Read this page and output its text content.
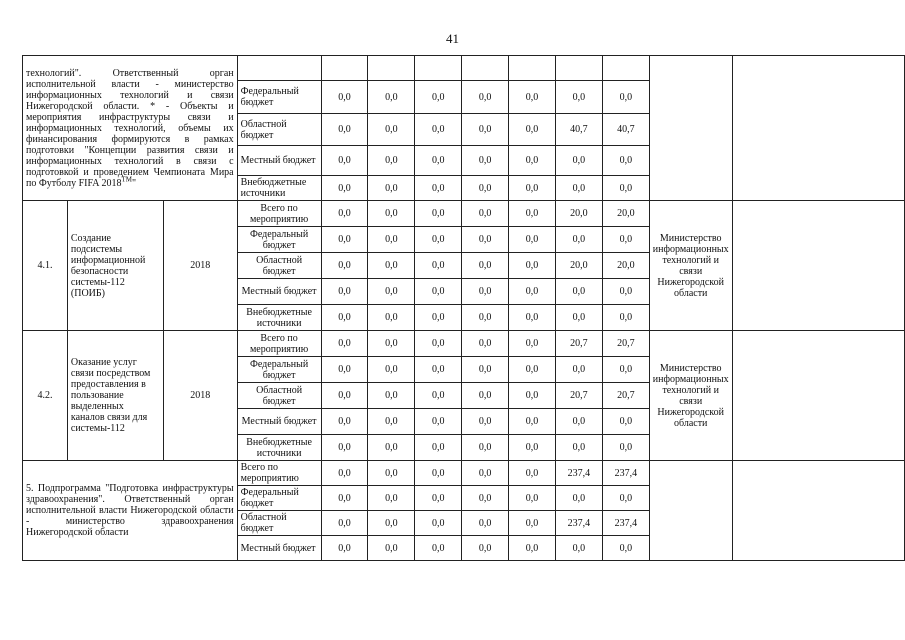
41
технологий". Ответственный орган исполнительной власти - министерство информационных технологий и связи Нижегородской области. * - Объекты и мероприятия инфраструктуры связи и информационных технологий, объемы их финансирования формируются в рамках подготовки "Концепции развития связи и информационных технологий в связи с подготовкой и проведением Чемпионата Мира по Футболу FIFA 2018™"												
			Федеральный бюджет	0,0	0,0	0,0	0,0	0,0	0,0	0,0		
			Областной бюджет	0,0	0,0	0,0	0,0	0,0	40,7	40,7		
			Местный бюджет	0,0	0,0	0,0	0,0	0,0	0,0	0,0		
			Внебюджетные источники	0,0	0,0	0,0	0,0	0,0	0,0	0,0		
4.1.	Создание подсистемы информационной безопасности системы-112 (ПОИБ)	2018	Всего по мероприятию	0,0	0,0	0,0	0,0	0,0	20,0	20,0	Министерство информационных технологий и связи Нижегородской области	
			Федеральный бюджет	0,0	0,0	0,0	0,0	0,0	0,0	0,0		
			Областной бюджет	0,0	0,0	0,0	0,0	0,0	20,0	20,0		
			Местный бюджет	0,0	0,0	0,0	0,0	0,0	0,0	0,0		
			Внебюджетные источники	0,0	0,0	0,0	0,0	0,0	0,0	0,0		
4.2.	Оказание услуг связи посредством предоставления в пользование выделенных каналов связи для системы-112	2018	Всего по мероприятию	0,0	0,0	0,0	0,0	0,0	20,7	20,7	Министерство информационных технологий и связи Нижегородской области	
			Федеральный бюджет	0,0	0,0	0,0	0,0	0,0	0,0	0,0		
			Областной бюджет	0,0	0,0	0,0	0,0	0,0	20,7	20,7		
			Местный бюджет	0,0	0,0	0,0	0,0	0,0	0,0	0,0		
			Внебюджетные источники	0,0	0,0	0,0	0,0	0,0	0,0	0,0		
5. Подпрограмма "Подготовка инфраструктуры здравоохранения". Ответственный орган исполнительной власти Нижегородской области - министерство здравоохранения Нижегородской области			Всего по мероприятию	0,0	0,0	0,0	0,0	0,0	237,4	237,4		
			Федеральный бюджет	0,0	0,0	0,0	0,0	0,0	0,0	0,0		
			Областной бюджет	0,0	0,0	0,0	0,0	0,0	237,4	237,4		
			Местный бюджет	0,0	0,0	0,0	0,0	0,0	0,0	0,0		
